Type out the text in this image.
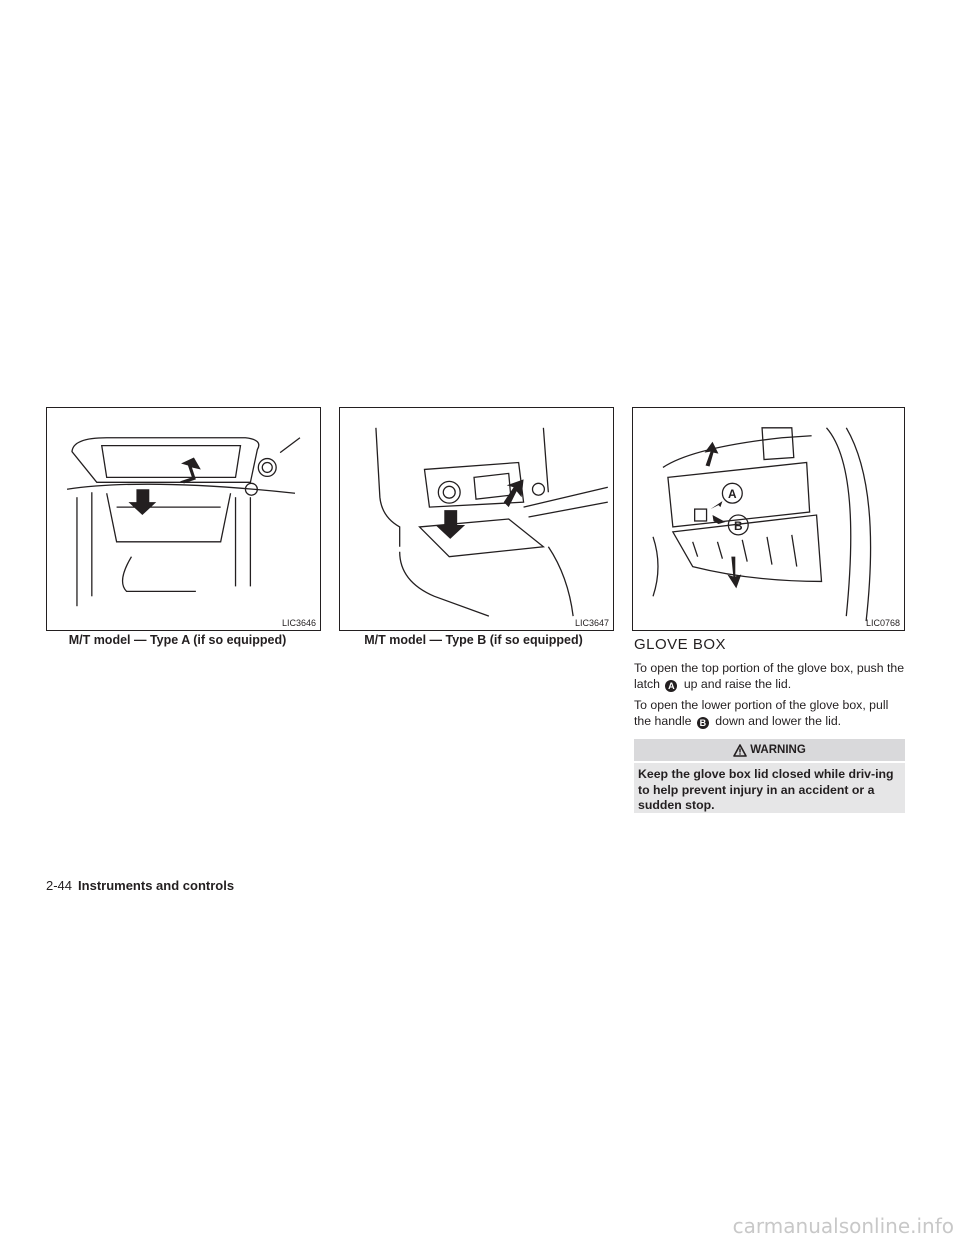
LIC3646
M/T model — Type A (if so equipped)
LIC3647
M/T model — Type B (if so equipped)
A
B
LIC0768
GLOVE BOX
To open the top portion of the glove box, push the latch A up and raise the lid.
To open the lower portion of the glove box, pull the handle B down and lower the lid.
WARNING
Keep the glove box lid closed while driv-ing to help prevent injury in an accident or a sudden stop.
2-44 Instruments and controls
carmanualsonline.info
